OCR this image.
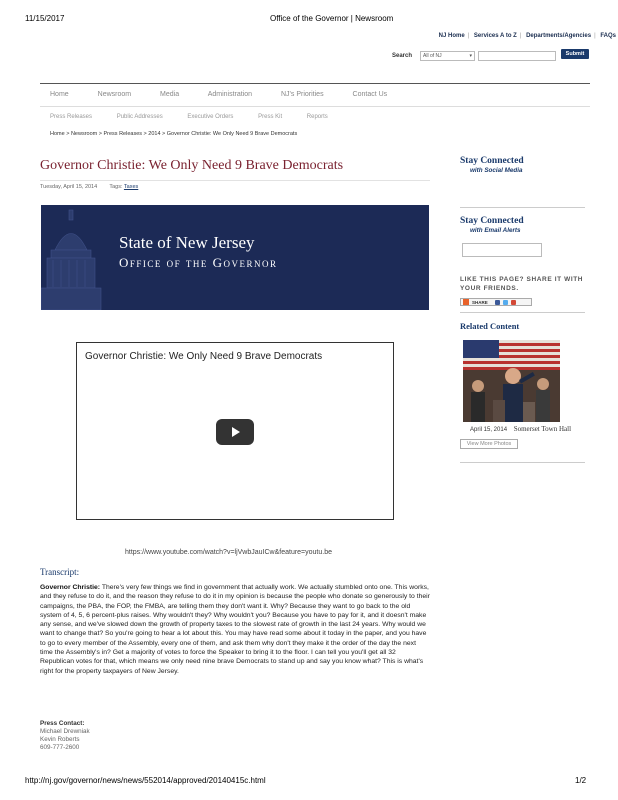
11/15/2017	Office of the Governor | Newsroom
NJ Home | Services A to Z | Departments/Agencies | FAQs
Search All of NJ	▾	Submit
Home	Newsroom	Media	Administration	NJ's Priorities	Contact Us
Press Releases	Public Addresses	Executive Orders	Press Kit	Reports
Home > Newsroom > Press Releases > 2014 > Governor Christie: We Only Need 9 Brave Democrats
Governor Christie: We Only Need 9 Brave Democrats
Tuesday, April 15, 2014 Tags: Taxes
State of New Jersey
Office of the Governor
Governor Christie: We Only Need 9 Brave Democrats
https://www.youtube.com/watch?v=ljVwbJauICw&feature=youtu.be
Transcript:
Governor Christie: There's very few things we find in government that actually work. We actually stumbled onto one. This works, and they refuse to do it, and the reason they refuse to do it in my opinion is because the people who donate so generously to their campaigns, the PBA, the FOP, the FMBA, are telling them they don't want it. Why? Because they want to go back to the old system of 4, 5, 6 percent-plus raises. Why wouldn't they? Why wouldn't you? Because you have to pay for it, and it doesn't make any sense, and we've slowed down the growth of property taxes to the slowest rate of growth in the last 24 years. Why would we want to change that? So you're going to hear a lot about this. You may have read some about it today in the paper, and you have to go to every member of the Assembly, every one of them, and ask them why don't they make it the order of the day the next time the Assembly's in? Get a majority of votes to force the Speaker to bring it to the floor. I can tell you you'll get all 32 Republican votes for that, which means we only need nine brave Democrats to stand up and say you know what? This is what's right for the property taxpayers of New Jersey.
Press Contact:
Michael Drewniak
Kevin Roberts
609-777-2600
Stay Connected
with Social Media
Stay Connected
with Email Alerts
LIKE THIS PAGE? SHARE IT WITH YOUR FRIENDS.
SHARE
Related Content
April 15, 2014 Somerset Town Hall
View More Photos
http://nj.gov/governor/news/news/552014/approved/20140415c.html	1/2
